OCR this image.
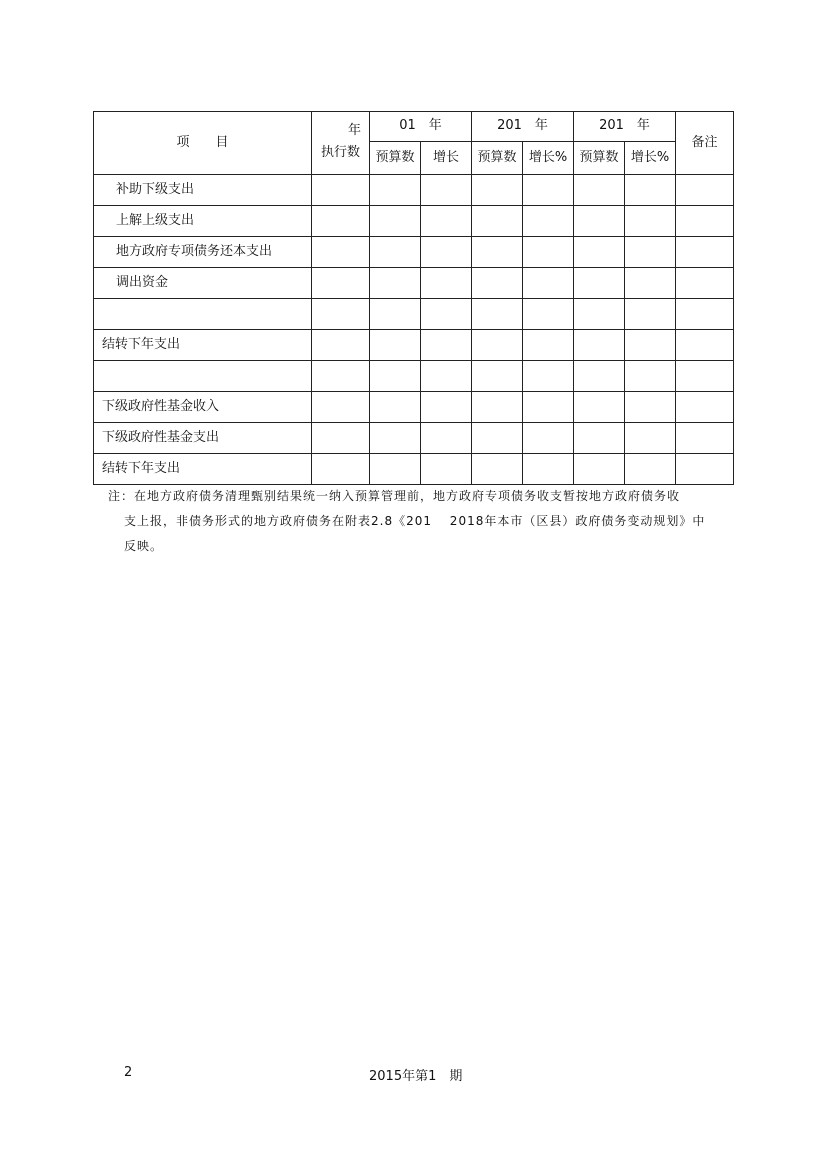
项　　目	年	01　年		201　年		201　年		备注
	执行数	预算数	增长	预算数	增长%	预算数	增长%	
补助下级支出								
上解上级支出								
地方政府专项债务还本支出								
调出资金								

结转下年支出								

下级政府性基金收入								
下级政府性基金支出								
结转下年支出								
注：在地方政府债务清理甄别结果统一纳入预算管理前，地方政府专项债务收支暂按地方政府债务收
支上报，非债务形式的地方政府债务在附表2.8《201　 2018年本市（区县）政府债务变动规划》中
反映。
2	2015年第1　期
